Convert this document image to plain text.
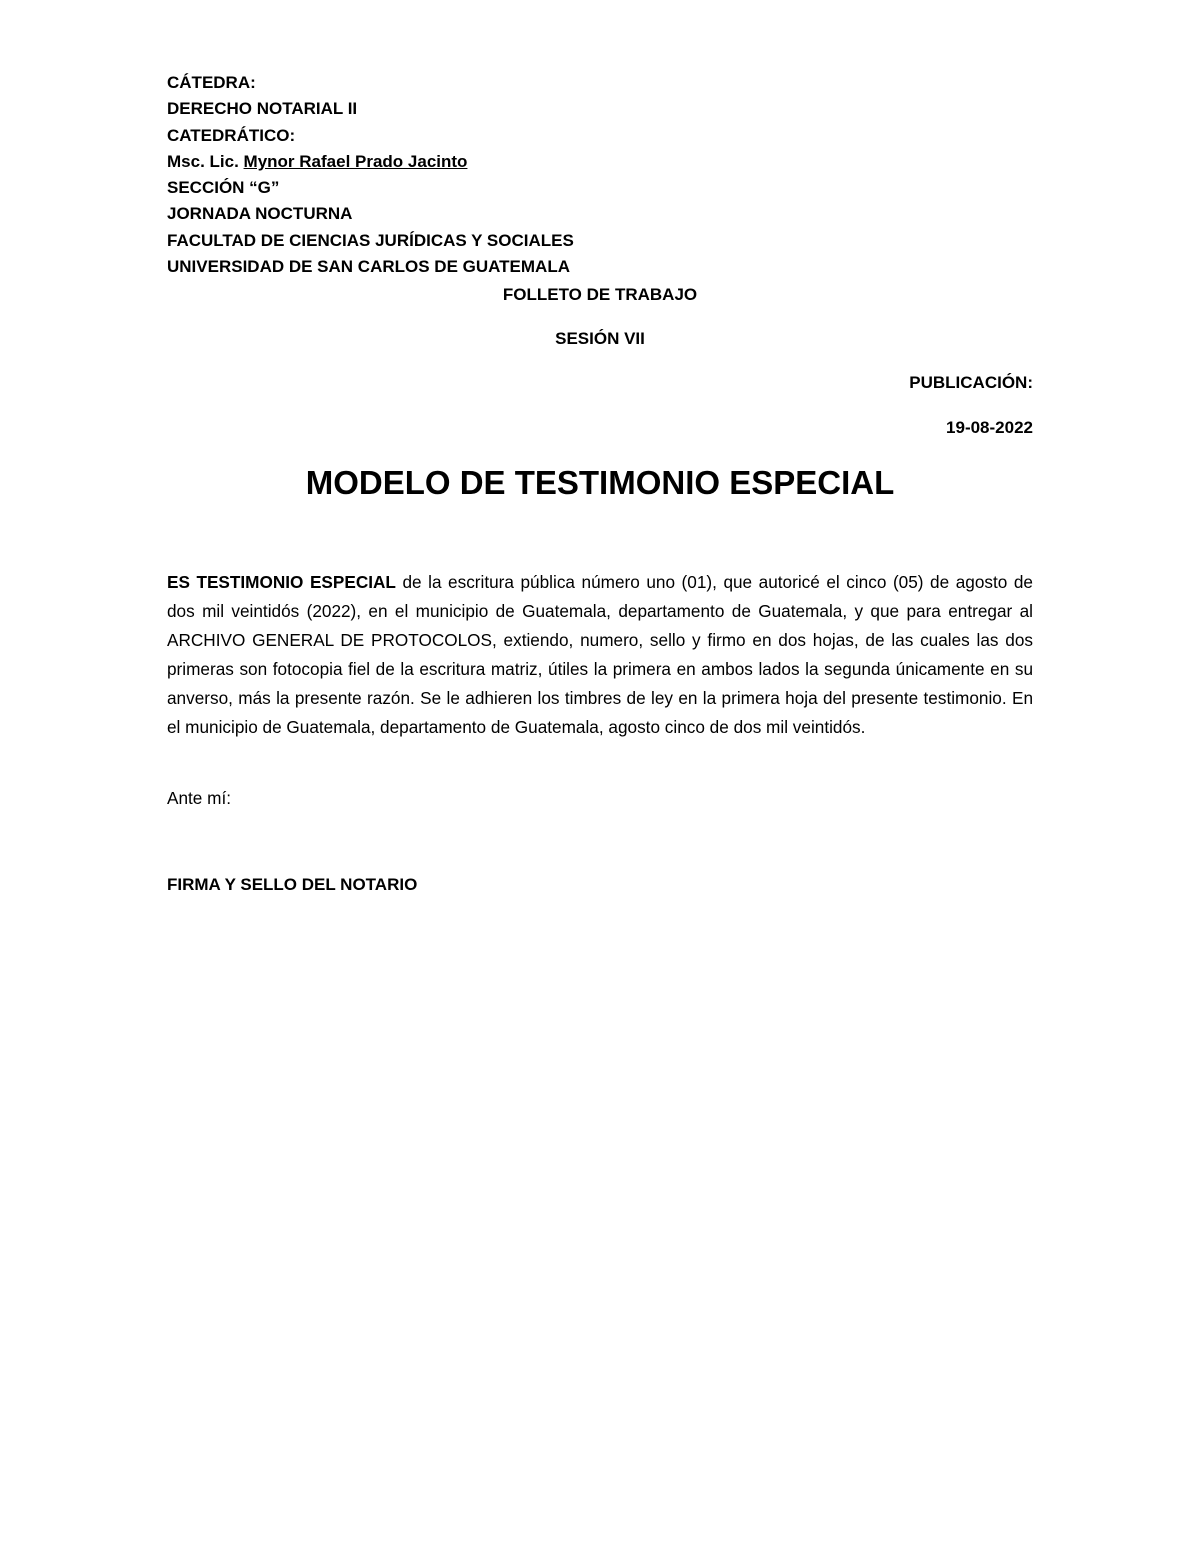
CÁTEDRA:
DERECHO NOTARIAL II
CATEDRÁTICO:
Msc. Lic. Mynor Rafael Prado Jacinto
SECCIÓN “G”
JORNADA NOCTURNA
FACULTAD DE CIENCIAS JURÍDICAS Y SOCIALES
UNIVERSIDAD DE SAN CARLOS DE GUATEMALA
FOLLETO DE TRABAJO
SESIÓN VII
PUBLICACIÓN:
19-08-2022
MODELO DE TESTIMONIO ESPECIAL
ES TESTIMONIO ESPECIAL de la escritura pública número uno (01), que autoricé el cinco (05) de agosto de dos mil veintidós (2022), en el municipio de Guatemala, departamento de Guatemala, y que para entregar al ARCHIVO GENERAL DE PROTOCOLOS, extiendo, numero, sello y firmo en dos hojas, de las cuales las dos primeras son fotocopia fiel de la escritura matriz, útiles la primera en ambos lados la segunda únicamente en su anverso, más la presente razón. Se le adhieren los timbres de ley en la primera hoja del presente testimonio. En el municipio de Guatemala, departamento de Guatemala, agosto cinco de dos mil veintidós.
Ante mí:
FIRMA Y SELLO DEL NOTARIO
